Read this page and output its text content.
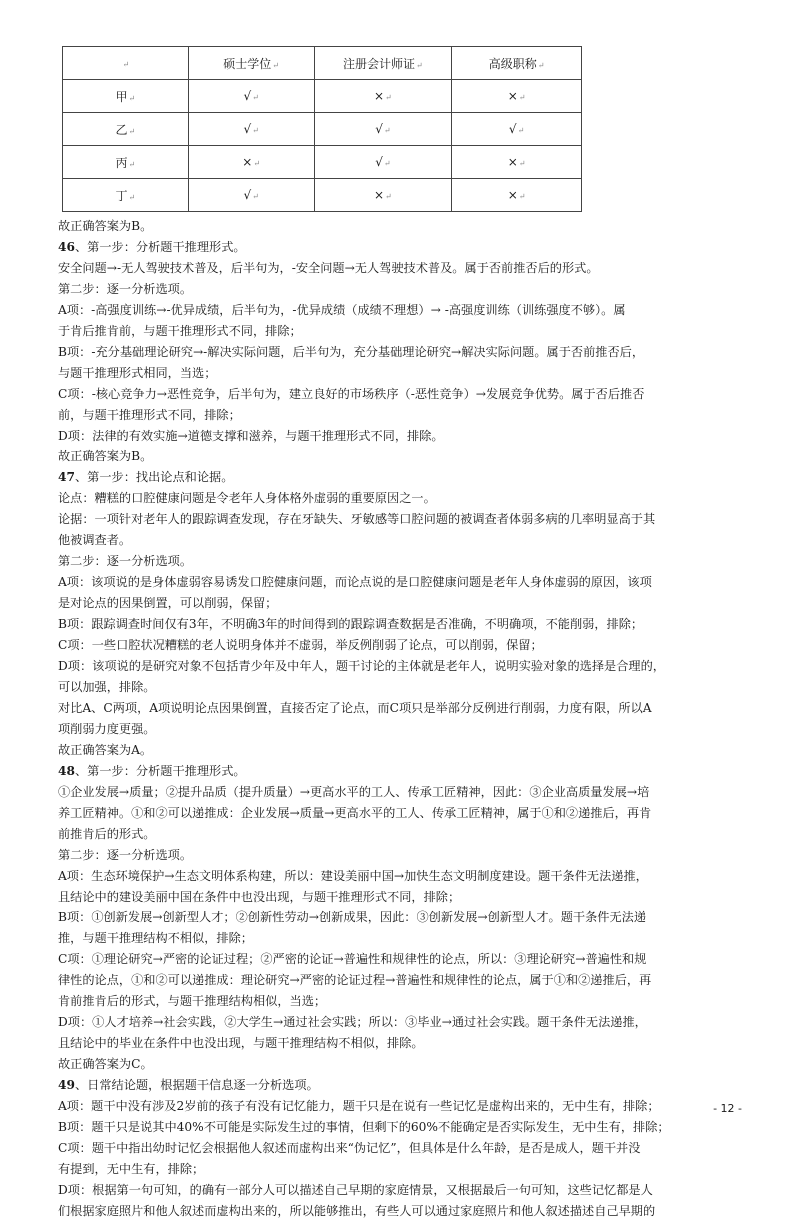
↵	硕士学位↵	注册会计师证↵	高级职称↵
甲↵	√↵	×↵	×↵
乙↵	√↵	√↵	√↵
丙↵	×↵	√↵	×↵
丁↵	√↵	×↵	×↵

故正确答案为B。

46、第一步：分析题干推理形式。

安全问题→-无人驾驶技术普及，后半句为，-安全问题→无人驾驶技术普及。属于否前推否后的形式。

第二步：逐一分析选项。

A项：-高强度训练→-优异成绩，后半句为，-优异成绩（成绩不理想）→ -高强度训练（训练强度不够）。属

于肯后推肯前，与题干推理形式不同，排除；

B项：-充分基础理论研究→-解决实际问题，后半句为，充分基础理论研究→解决实际问题。属于否前推否后，

与题干推理形式相同，当选；

C项：-核心竞争力→恶性竞争，后半句为，建立良好的市场秩序（-恶性竞争）→发展竞争优势。属于否后推否

前，与题干推理形式不同，排除；

D项：法律的有效实施→道德支撑和滋养，与题干推理形式不同，排除。

故正确答案为B。

47、第一步：找出论点和论据。

论点：糟糕的口腔健康问题是令老年人身体格外虚弱的重要原因之一。

论据：一项针对老年人的跟踪调查发现，存在牙缺失、牙敏感等口腔问题的被调查者体弱多病的几率明显高于其

他被调查者。

第二步：逐一分析选项。

A项：该项说的是身体虚弱容易诱发口腔健康问题，而论点说的是口腔健康问题是老年人身体虚弱的原因，该项

是对论点的因果倒置，可以削弱，保留；

B项：跟踪调查时间仅有3年，不明确3年的时间得到的跟踪调查数据是否准确，不明确项，不能削弱，排除；

C项：一些口腔状况糟糕的老人说明身体并不虚弱，举反例削弱了论点，可以削弱，保留；

D项：该项说的是研究对象不包括青少年及中年人，题干讨论的主体就是老年人，说明实验对象的选择是合理的，

可以加强，排除。

对比A、C两项，A项说明论点因果倒置，直接否定了论点，而C项只是举部分反例进行削弱，力度有限，所以A

项削弱力度更强。

故正确答案为A。

48、第一步：分析题干推理形式。

①企业发展→质量；②提升品质（提升质量）→更高水平的工人、传承工匠精神，因此：③企业高质量发展→培

养工匠精神。①和②可以递推成：企业发展→质量→更高水平的工人、传承工匠精神，属于①和②递推后，再肯

前推肯后的形式。

第二步：逐一分析选项。

A项：生态环境保护→生态文明体系构建，所以：建设美丽中国→加快生态文明制度建设。题干条件无法递推，

且结论中的建设美丽中国在条件中也没出现，与题干推理形式不同，排除；

B项：①创新发展→创新型人才；②创新性劳动→创新成果，因此：③创新发展→创新型人才。题干条件无法递

推，与题干推理结构不相似，排除；

C项：①理论研究→严密的论证过程；②严密的论证→普遍性和规律性的论点，所以：③理论研究→普遍性和规

律性的论点，①和②可以递推成：理论研究→严密的论证过程→普遍性和规律性的论点，属于①和②递推后，再

肯前推肯后的形式，与题干推理结构相似，当选；

D项：①人才培养→社会实践，②大学生→通过社会实践；所以：③毕业→通过社会实践。题干条件无法递推，

且结论中的毕业在条件中也没出现，与题干推理结构不相似，排除。

故正确答案为C。

49、日常结论题，根据题干信息逐一分析选项。

A项：题干中没有涉及2岁前的孩子有没有记忆能力，题干只是在说有一些记忆是虚构出来的，无中生有，排除；

B项：题干只是说其中40%不可能是实际发生过的事情，但剩下的60%不能确定是否实际发生，无中生有，排除；

C项：题干中指出幼时记忆会根据他人叙述而虚构出来“伪记忆”，但具体是什么年龄，是否是成人，题干并没

有提到，无中生有，排除；

D项：根据第一句可知，的确有一部分人可以描述自己早期的家庭情景，又根据最后一句可知，这些记忆都是人

们根据家庭照片和他人叙述而虚构出来的，所以能够推出，有些人可以通过家庭照片和他人叙述描述自己早期的

- 12 -
